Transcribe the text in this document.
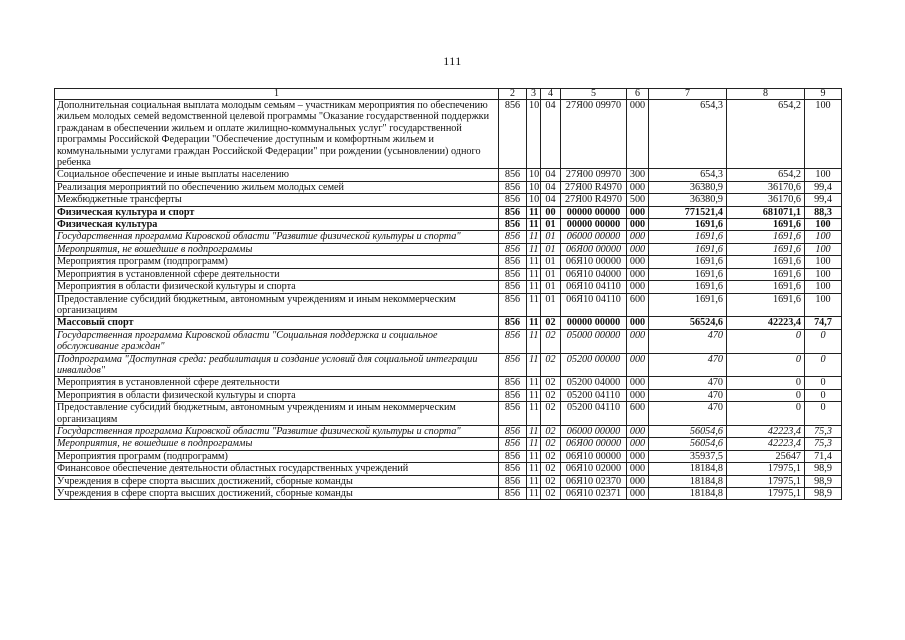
111
1	2	3	4	5	6	7	8	9
Дополнительная социальная выплата молодым семьям – участникам мероприятия по обеспечению жильем молодых семей ведомственной целевой программы "Оказание государственной поддержки гражданам в обеспечении жильем и оплате жилищно-коммунальных услуг" государственной программы Российской Федерации "Обеспечение доступным и комфортным жильем и коммунальными услугами граждан Российской Федерации" при рождении (усыновлении) одного ребенка	856	10	04	27Я00 09970	000	654,3	654,2	100
Социальное обеспечение и иные выплаты населению	856	10	04	27Я00 09970	300	654,3	654,2	100
Реализация мероприятий по обеспечению жильем молодых семей	856	10	04	27Я00 R4970	000	36380,9	36170,6	99,4
Межбюджетные трансферты	856	10	04	27Я00 R4970	500	36380,9	36170,6	99,4
Физическая культура и спорт	856	11	00	00000 00000	000	771521,4	681071,1	88,3
Физическая культура	856	11	01	00000 00000	000	1691,6	1691,6	100
Государственная программа Кировской области "Развитие физической культуры и спорта"	856	11	01	06000 00000	000	1691,6	1691,6	100
Мероприятия, не вошедшие в подпрограммы	856	11	01	06Я00 00000	000	1691,6	1691,6	100
Мероприятия программ (подпрограмм)	856	11	01	06Я10 00000	000	1691,6	1691,6	100
Мероприятия в установленной сфере деятельности	856	11	01	06Я10 04000	000	1691,6	1691,6	100
Мероприятия в области физической культуры и спорта	856	11	01	06Я10 04110	000	1691,6	1691,6	100
Предоставление субсидий бюджетным, автономным учреждениям и иным некоммерческим организациям	856	11	01	06Я10 04110	600	1691,6	1691,6	100
Массовый спорт	856	11	02	00000 00000	000	56524,6	42223,4	74,7
Государственная программа Кировской области "Социальная поддержка и социальное обслуживание граждан"	856	11	02	05000 00000	000	470	0	0
Подпрограмма "Доступная среда: реабилитация и создание условий для социальной интеграции инвалидов"	856	11	02	05200 00000	000	470	0	0
Мероприятия в установленной сфере деятельности	856	11	02	05200 04000	000	470	0	0
Мероприятия в области физической культуры и спорта	856	11	02	05200 04110	000	470	0	0
Предоставление субсидий бюджетным, автономным учреждениям и иным некоммерческим организациям	856	11	02	05200 04110	600	470	0	0
Государственная программа Кировской области "Развитие физической культуры и спорта"	856	11	02	06000 00000	000	56054,6	42223,4	75,3
Мероприятия, не вошедшие в подпрограммы	856	11	02	06Я00 00000	000	56054,6	42223,4	75,3
Мероприятия программ (подпрограмм)	856	11	02	06Я10 00000	000	35937,5	25647	71,4
Финансовое обеспечение деятельности областных государственных учреждений	856	11	02	06Я10 02000	000	18184,8	17975,1	98,9
Учреждения в сфере спорта высших достижений, сборные команды	856	11	02	06Я10 02370	000	18184,8	17975,1	98,9
Учреждения в сфере спорта высших достижений, сборные команды	856	11	02	06Я10 02371	000	18184,8	17975,1	98,9
